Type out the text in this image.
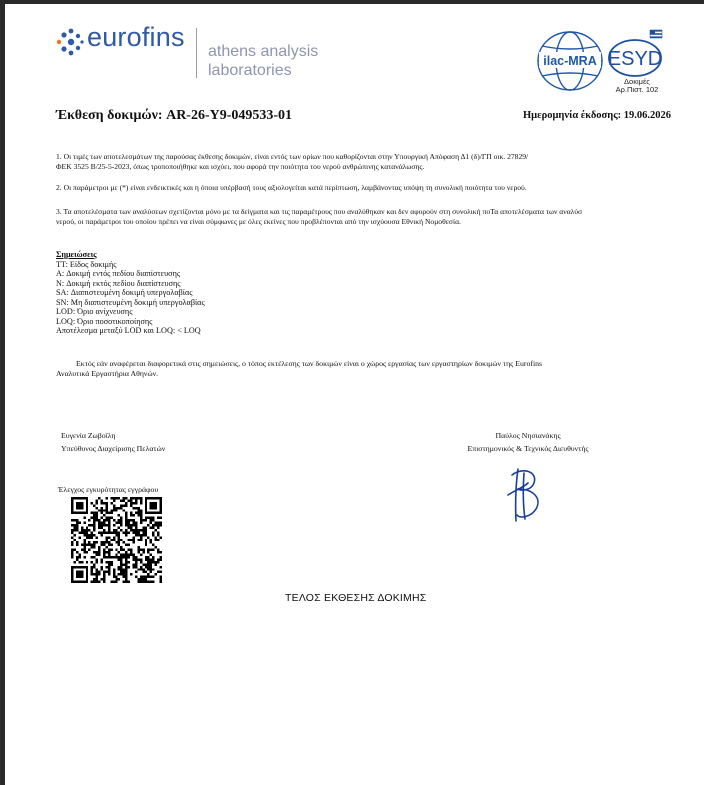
eurofins athens analysis
laboratories
ilac-MRA ESYD
Δοκιμές
Αρ.Πιστ. 102
Έκθεση δοκιμών: AR-26-Y9-049533-01	Ημερομηνία έκδοσης: 19.06.2026
1. Οι τιμές των αποτελεσμάτων της παρούσας έκθεσης δοκιμών, είναι εντός των ορίων που καθορίζονται στην Υπουργική Απόφαση Δ1 (δ)/ΓΠ οικ. 27829/
ΦΕΚ 3525 Β/25-5-2023, όπως τροποποιήθηκε και ισχύει, που αφορά την ποιότητα του νερού ανθρώπινης κατανάλωσης.
2. Οι παράμετροι με (*) είναι ενδεικτικές και η όποια υπέρβασή τους αξιολογείται κατά περίπτωση, λαμβάνοντας υπόψη τη συνολική ποιότητα του νερού.
3. Τα αποτελέσματα των αναλύσεων σχετίζονται μόνο με τα δείγματα και τις παραμέτρους που αναλύθηκαν και δεν αφορούν στη συνολική ποΤα αποτελέσματα των αναλύσ
νερού, οι παράμετροι του οποίου πρέπει να είναι σύμφωνες με όλες εκείνες που προβλέπονται από την ισχύουσα Εθνική Νομοθεσία.
Σημειώσεις
TT: Είδος δοκιμής
A: Δοκιμή εντός πεδίου διαπίστευσης
N: Δοκιμή εκτός πεδίου διαπίστευσης
SA: Διαπιστευμένη δοκιμή υπεργολαβίας
SN: Μη διαπιστευμένη δοκιμή υπεργολαβίας
LOD: Όριο ανίχνευσης
LOQ: Όριο ποσοτικοποίησης
Αποτέλεσμα μεταξύ LOD και LOQ: < LOQ
Εκτός εάν αναφέρεται διαφορετικά στις σημειώσεις, ο τόπος εκτέλεσης των δοκιμών είναι ο χώρος εργασίας των εργαστηρίων δοκιμών της Eurofins
Αναλυτικά Εργαστήρια Αθηνών.
Ευγενία Ζωβοΐλη
Υπεύθυνος Διαχείρισης Πελατών
Παύλος Νησιανάκης
Επιστημονικός & Τεχνικός Διευθυντής
Έλεγχος εγκυρότητας εγγράφου
ΤΕΛΟΣ ΕΚΘΕΣΗΣ ΔΟΚΙΜΗΣ
